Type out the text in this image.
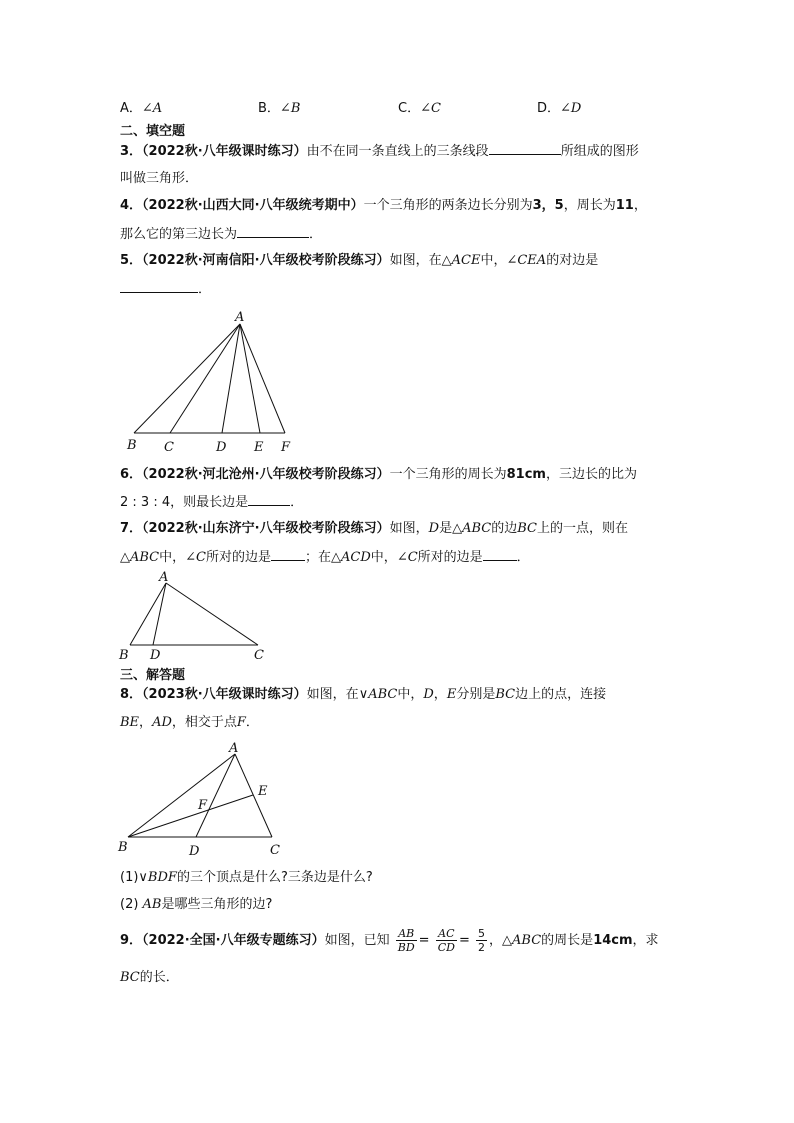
A．∠A	B．∠B	C．∠C	D．∠D
二、填空题
3．（2022秋·八年级课时练习）由不在同一条直线上的三条线段	所组成的图形
叫做三角形．
4．（2022秋·山西大同·八年级统考期中）一个三角形的两条边长分别为3，5，周长为11，
那么它的第三边长为	．
5．（2022秋·河南信阳·八年级校考阶段练习）如图，在△ACE中，∠CEA的对边是
．
A
B C	D E F
6．（2022秋·河北沧州·八年级校考阶段练习）一个三角形的周长为81cm，三边长的比为
2 : 3 : 4，则最长边是	．
7．（2022秋·山东济宁·八年级校考阶段练习）如图，D是△ABC的边BC上的一点，则在
△ABC中，∠C所对的边是	；在△ACD中，∠C所对的边是	．
A
B D	C
三、解答题
8．（2023秋·八年级课时练习）如图，在∨ABC中，D，E分别是BC边上的点，连接
BE，AD，相交于点F．
A
E
F
B	D	C
(1)∨BDF的三个顶点是什么?三条边是什么?
(2) AB是哪些三角形的边?
9．（2022·全国·八年级专题练习）如图，已知 $\frac{AB}{BD} = \frac{AC}{CD} = \frac{5}{2}$ ，△ABC的周长是14cm，求
BC的长．
